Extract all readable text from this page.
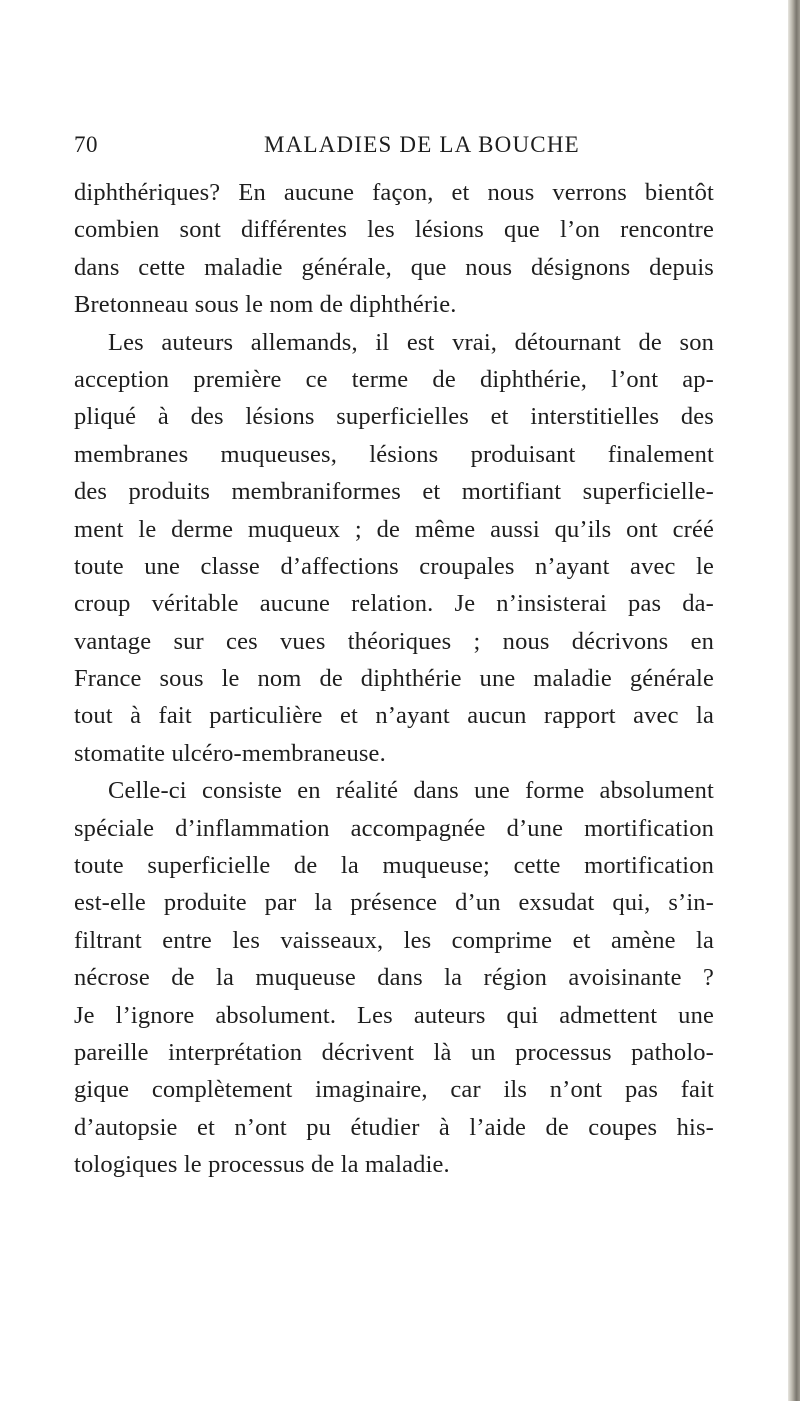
70	MALADIES DE LA BOUCHE
diphthériques? En aucune façon, et nous verrons bientôt
combien sont différentes les lésions que l’on rencontre
dans cette maladie générale, que nous désignons depuis
Bretonneau sous le nom de diphthérie.
Les auteurs allemands, il est vrai, détournant de son
acception première ce terme de diphthérie, l’ont ap-
pliqué à des lésions superficielles et interstitielles des
membranes muqueuses, lésions produisant finalement
des produits membraniformes et mortifiant superficielle-
ment le derme muqueux ; de même aussi qu’ils ont créé
toute une classe d’affections croupales n’ayant avec le
croup véritable aucune relation. Je n’insisterai pas da-
vantage sur ces vues théoriques ; nous décrivons en
France sous le nom de diphthérie une maladie générale
tout à fait particulière et n’ayant aucun rapport avec la
stomatite ulcéro-membraneuse.
Celle-ci consiste en réalité dans une forme absolument
spéciale d’inflammation accompagnée d’une mortification
toute superficielle de la muqueuse; cette mortification
est-elle produite par la présence d’un exsudat qui, s’in-
filtrant entre les vaisseaux, les comprime et amène la
nécrose de la muqueuse dans la région avoisinante ?
Je l’ignore absolument. Les auteurs qui admettent une
pareille interprétation décrivent là un processus patholo-
gique complètement imaginaire, car ils n’ont pas fait
d’autopsie et n’ont pu étudier à l’aide de coupes his-
tologiques le processus de la maladie.
